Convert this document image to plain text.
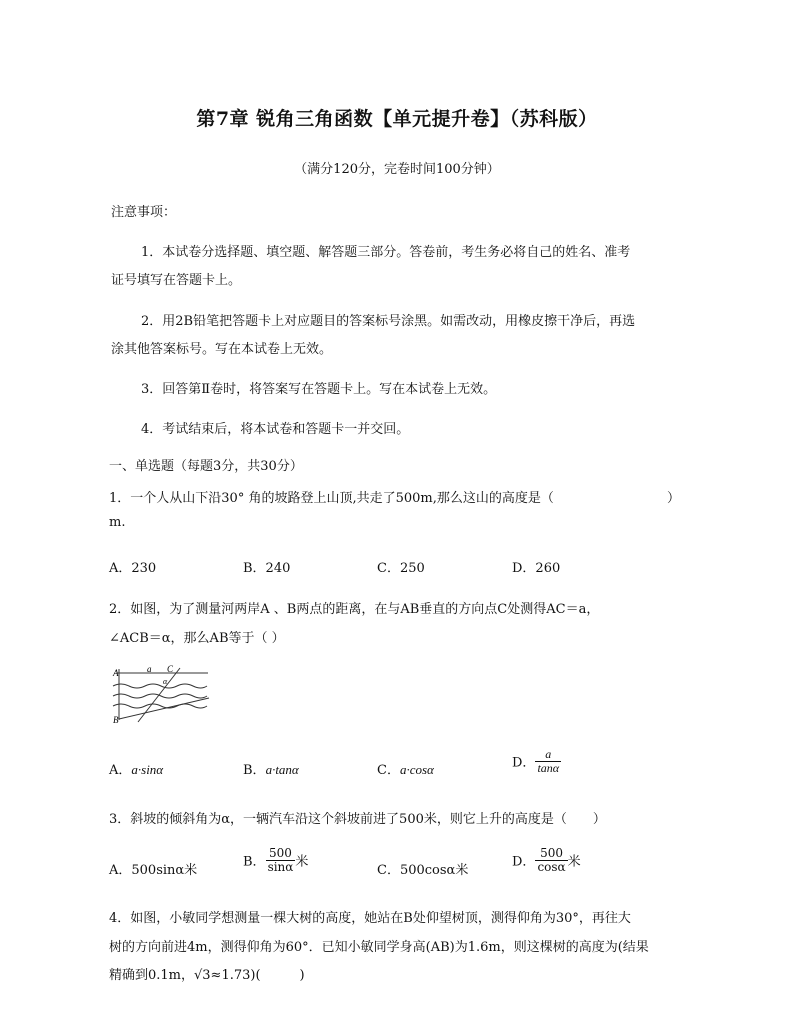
第7章 锐角三角函数【单元提升卷】（苏科版）
（满分120分，完卷时间100分钟）
注意事项：
1．本试卷分选择题、填空题、解答题三部分。答卷前，考生务必将自己的姓名、准考
证号填写在答题卡上。
2．用2B铅笔把答题卡上对应题目的答案标号涂黑。如需改动，用橡皮擦干净后，再选
涂其他答案标号。写在本试卷上无效。
3．回答第Ⅱ卷时，将答案写在答题卡上。写在本试卷上无效。
4．考试结束后，将本试卷和答题卡一并交回。
一、单选题（每题3分，共30分）
1．一个人从山下沿30° 角的坡路登上山顶,共走了500m,那么这山的高度是（	）
m.
A．230	B．240	C．250	D．260
2．如图，为了测量河两岸A 、B两点的距离，在与AB垂直的方向点C处测得AC＝a，
∠ACB＝α，那么AB等于（ ）
A	a C
α
B
A．a·sinα	B．a·tanα	C．a·cosα	D． $\frac{a}{\tan\alpha}$
3．斜坡的倾斜角为α，一辆汽车沿这个斜坡前进了500米，则它上升的高度是（　　）
A．500sinα米
B． $\frac{500}{\sin\alpha}$ 米
C．500cosα米
D． $\frac{500}{\cos\alpha}$ 米
4．如图，小敏同学想测量一棵大树的高度，她站在B处仰望树顶，测得仰角为30°，再往大
树的方向前进4m，测得仰角为60°．已知小敏同学身高(AB)为1.6m，则这棵树的高度为(结果
精确到0.1m，√3≈1.73)(　　　)
